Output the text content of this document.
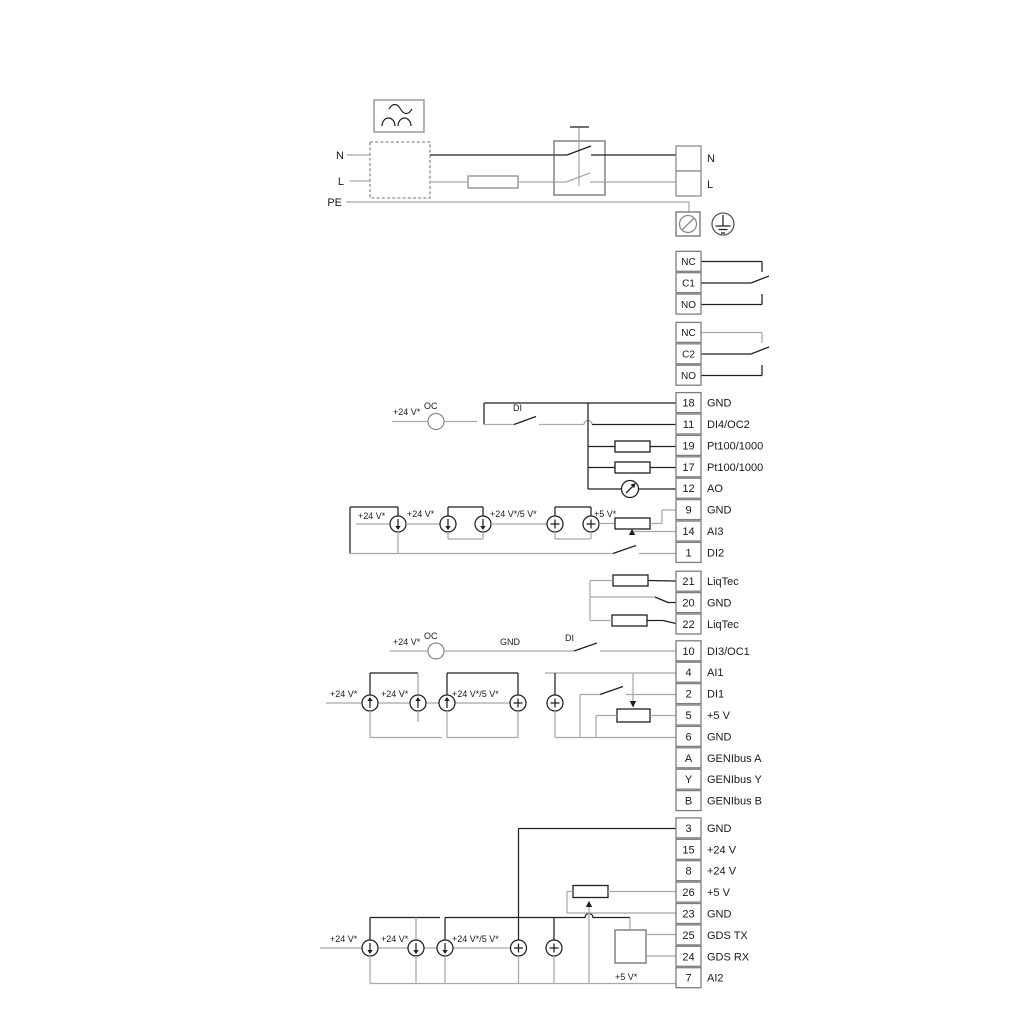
N
L
PE
N
L
+24 V*
OC	DI
+24 V* +24 V*	+24 V*/5 V*	+5 V*
+24 V*
OC
GND	DI
+24 V*	+24 V*	+24 V*/5 V*
+24 V*	+24 V*	+24 V*/5 V*
+5 V*
NC
C1
NO
NC
C2
NO
18 GND
11 DI4/OC2
19 Pt100/1000
17 Pt100/1000
12 AO
9 GND
14 AI3
1 DI2
21 LiqTec
20 GND
22 LiqTec
10 DI3/OC1
4 AI1
2 DI1
5 +5 V
6 GND
A GENIbus A
Y GENIbus Y
B GENIbus B
3 GND
15 +24 V
8 +24 V
26 +5 V
23 GND
25 GDS TX
24 GDS RX
7 AI2
